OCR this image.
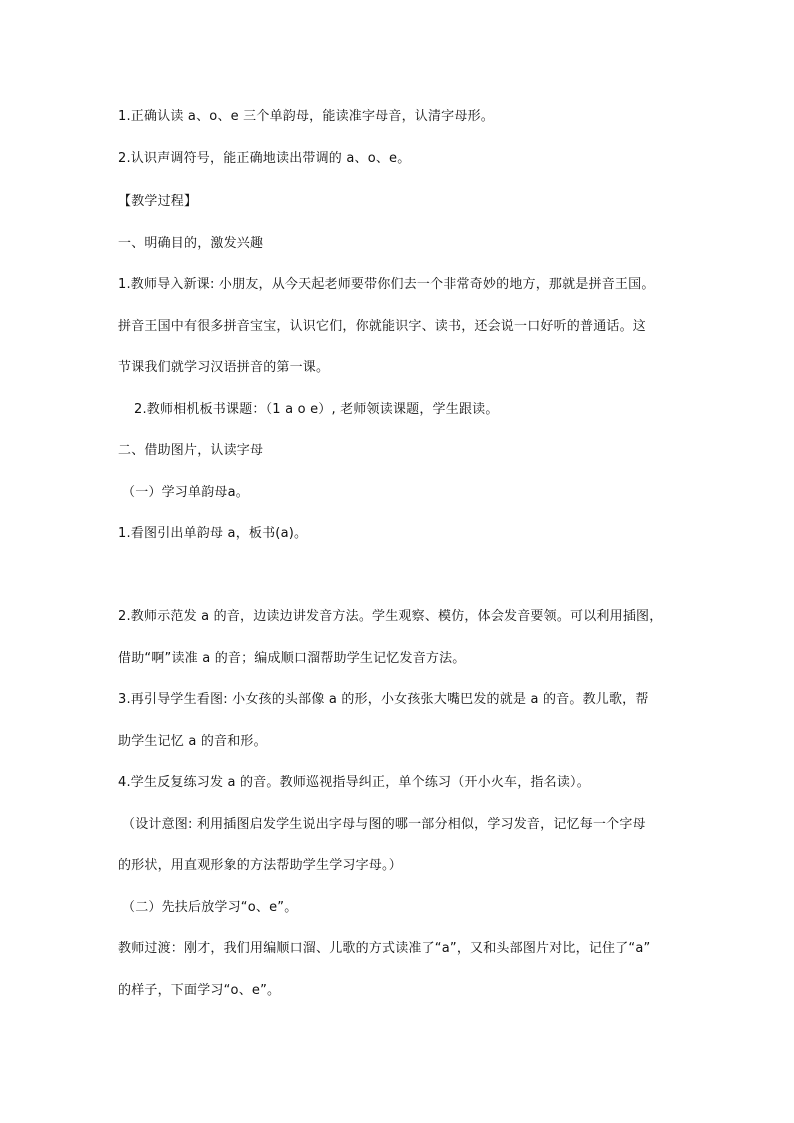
1.正确认读 a、o、e 三个单韵母，能读准字母音，认清字母形。
2.认识声调符号，能正确地读出带调的 a、o、e。
【教学过程】
一、明确目的，激发兴趣
1.教师导入新课: 小朋友，从今天起老师要带你们去一个非常奇妙的地方，那就是拼音王国。
拼音王国中有很多拼音宝宝，认识它们，你就能识字、读书，还会说一口好听的普通话。这
节课我们就学习汉语拼音的第一课。
2.教师相机板书课题：（1 a o e）, 老师领读课题，学生跟读。
二、借助图片，认读字母
（一）学习单韵母a。
1.看图引出单韵母 a，板书(a)。
2.教师示范发 a 的音，边读边讲发音方法。学生观察、模仿，体会发音要领。可以利用插图，
借助“啊”读准 a 的音；编成顺口溜帮助学生记忆发音方法。
3.再引导学生看图: 小女孩的头部像 a 的形，小女孩张大嘴巴发的就是 a 的音。教儿歌，帮
助学生记忆 a 的音和形。
4.学生反复练习发 a 的音。教师巡视指导纠正，单个练习（开小火车，指名读）。
（设计意图: 利用插图启发学生说出字母与图的哪一部分相似，学习发音，记忆每一个字母
的形状，用直观形象的方法帮助学生学习字母。）
（二）先扶后放学习“o、e”。
教师过渡：刚才，我们用编顺口溜、儿歌的方式读准了“a”，又和头部图片对比，记住了“a”
的样子，下面学习“o、e”。
